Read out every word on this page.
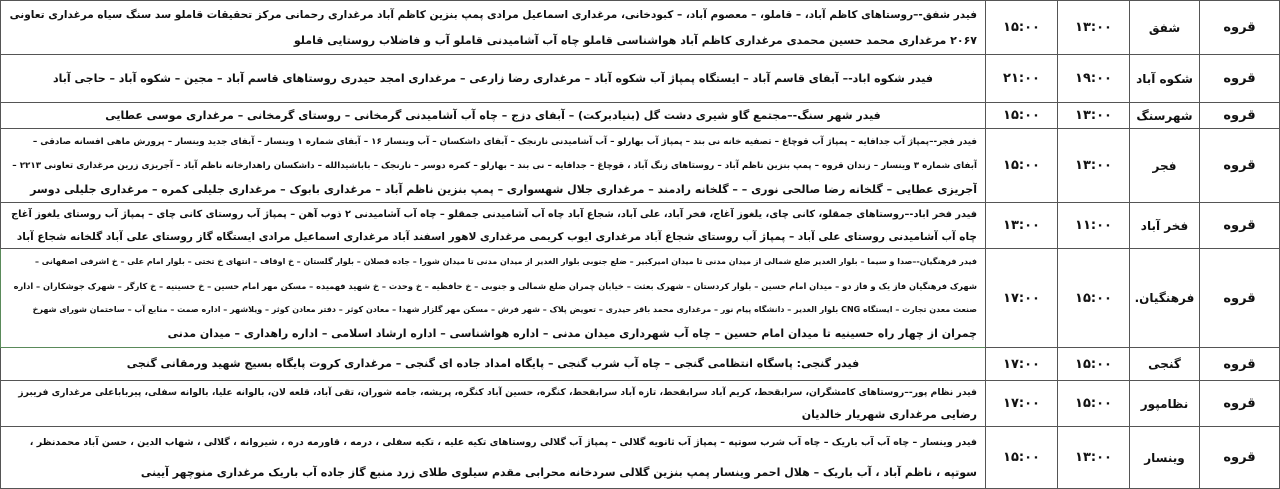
قروه	شفق	۱۳:۰۰	۱۵:۰۰	فیدر شفق-–روستاهای کاظم آباد، – قاملو، – معصوم آباد، – کبودخانی، مرغداری اسماعیل مرادی پمپ بنزین کاظم آباد مرغداری رحمانی مرکز تحقیقات قاملو سد سنگ سیاه مرغداری تعاونی
۲۰۶۷ مرغداری محمد حسین محمدی مرغداری کاظم آباد هواشناسی قاملو چاه آب آشامیدنی قاملو آب و فاضلاب روستایی قاملو

قروه	شکوه آباد	۱۹:۰۰	۲۱:۰۰	فیدر شکوه اباد-– آبفای قاسم آباد – ایستگاه پمپاژ آب شکوه آباد – مرغداری رضا زارعی – مرغداری امجد حیدری روستاهای قاسم آباد – مجین – شکوه آباد – حاجی آباد

قروه	شهرسنگ	۱۳:۰۰	۱۵:۰۰	فیدر شهر سنگ-–مجتمع گاو شیری دشت گل (بنیادبرکت) – آبفای دزج – چاه آب آشامیدنی گرمخانی – روستای گرمخانی – مرغداری موسی عطایی

قروه	فجر	۱۳:۰۰	۱۵:۰۰	فیدر فجر-–پمپاژ آب جدافایه – پمپاژ آب قوچاغ – تصفیه خانه نی بند – پمپاژ آب بهارلو – آب آشامیدنی نارنجک – آبفای داشکسان – آب وینسار ۱۶ – آبفای شماره ۱ وینسار – آبفای جدید وینسار – پرورش ماهی افسانه صادقی –
آبفای شماره ۳ وینسار – زندان قروه – پمپ بنزین ناظم آباد – روستاهای زنگ آباد ، قوچاغ – جدافایه – نی بند – بهارلو – کمره دوسر – نارنجک – باباشیدالله – داشکسان راهدارخانه ناظم آباد – آجریزی زرین مرغداری تعاونی ۲۲۱۳ –
آجریزی عطایی – گلخانه رضا صالحی نوری – – گلخانه رادمند – مرغداری جلال شهسواری – پمپ بنزین ناظم آباد – مرغداری بابوک – مرغداری جلیلی کمره – مرغداری جلیلی دوسر

قروه	فخر آباد	۱۱:۰۰	۱۳:۰۰	فیدر فخر اباد-–روستاهای جمقلو، کانی چای، یلغوز آغاج، فخر آباد، علی آباد، شجاع آباد چاه آب آشامیدنی جمقلو – چاه آب آشامیدنی ۲ ذوب آهن – پمپاژ آب روستای کانی چای – پمپاژ آب روستای یلغوز آغاج
چاه آب آشامیدنی روستای علی آباد – پمپاژ آب روستای شجاع آباد مرغداری ایوب کریمی مرغداری لاهور اسفند آباد مرغداری اسماعیل مرادی ایستگاه گاز روستای علی آباد گلخانه شجاع آباد

قروه	فرهنگیان.	۱۵:۰۰	۱۷:۰۰	فیدر فرهنگیان-–صدا و سیما – بلوار الغدیر ضلع شمالی از میدان مدنی تا میدان امیرکبیر – ضلع جنوبی بلوار الغدیر از میدان مدنی تا میدان شورا – جاده قصلان – بلوار گلستان – خ اوقاف – انتهای خ تختی – بلوار امام علی – خ اشرفی اصفهانی –
شهرک فرهنگیان فاز یک و فاز دو – میدان امام حسین – بلوار کردستان – شهرک بعثت – خیابان چمران ضلع شمالی و جنوبی – خ حافظیه – خ وحدت – خ شهید فهمیده – مسکن مهر امام حسین – خ حسینیه – خ کارگر – شهرک جوشکاران – اداره
صنعت معدن تجارت – ایستگاه CNG بلوار الغدیر – دانشگاه پیام نور – مرغداری محمد باقر حیدری – تعویض پلاک – شهر فرش – مسکن مهر گلزار شهدا – معادن کوثر – دفتر معادن کوثر – ویلاشهر – اداره صمت – منابع آب – ساختمان شورای شهرخ
چمران از چهار راه حسینیه تا میدان امام حسین – چاه آب شهرداری میدان مدنی – اداره هواشناسی – اداره ارشاد اسلامی – اداره راهداری – میدان مدنی

قروه	گنجی	۱۵:۰۰	۱۷:۰۰	فیدر گنجی: پاسگاه انتظامی گنجی – چاه آب شرب گنجی – پایگاه امداد جاده ای گنجی – مرغداری کروت پایگاه بسیج شهید ورمقانی گنجی

قروه	نظامپور	۱۵:۰۰	۱۷:۰۰	فیدر نظام پور-–روستاهای کامشگران، سرابقحط، کریم آباد سرابقحط، تازه آباد سرابقحط، کنگره، حسین آباد کنگره، پریشه، جامه شوران، تقی آباد، قلعه لان، بالوانه علیا، بالوانه سفلی، پیرباباعلی مرغداری فریبرز
رضایی مرغداری شهریار خالدیان

قروه	وینسار	۱۳:۰۰	۱۵:۰۰	فیدر وینسار – چاه آب آب باریک – چاه آب شرب سوتپه – پمپاژ آب ثانویه گلالی – پمپاژ آب گلالی روستاهای تکیه علیه ، تکیه سفلی ، درمه ، قاورمه دره ، شیروانه ، گلالی ، شهاب الدین ، حسن آباد محمدنظر ،
سوتپه ، ناظم آباد ، آب باریک – هلال احمر وینسار پمپ بنزین گلالی سردخانه محرابی مقدم سیلوی طلای زرد منبع گاز جاده آب باریک مرغداری منوچهر آیینی
